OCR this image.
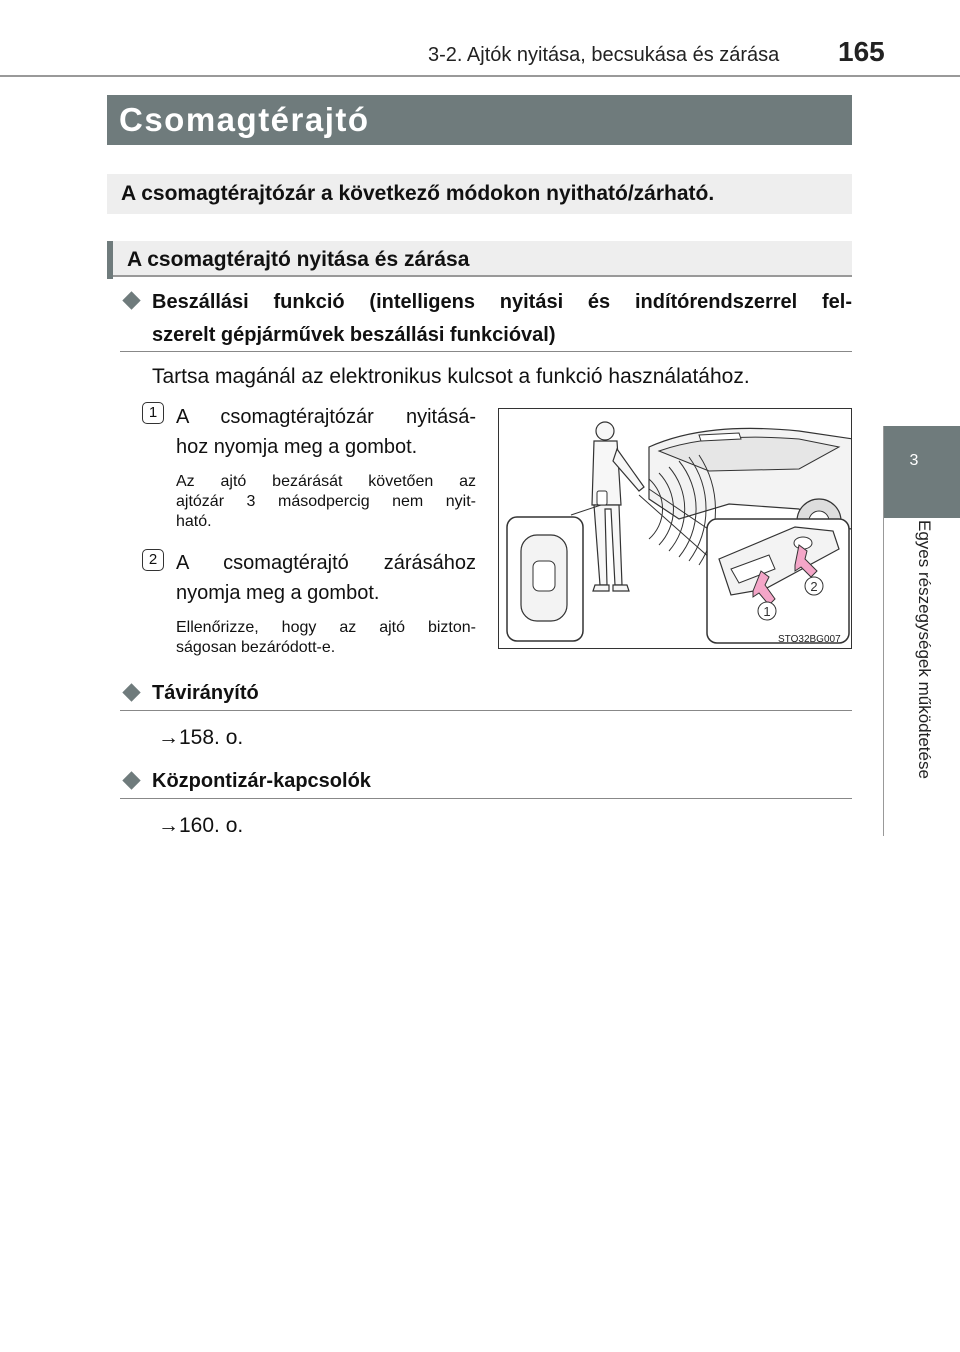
3-2. Ajtók nyitása, becsukása és zárása 165
3
Egyes részegységek működtetése
Csomagtérajtó
A csomagtérajtózár a következő módokon nyitható/zárható.
A csomagtérajtó nyitása és zárása
Beszállási funkció (intelligens nyitási és indítórendszerrel fel-
szerelt gépjárművek beszállási funkcióval)
Tartsa magánál az elektronikus kulcsot a funkció használatához.
1 A csomagtérajtózár nyitásá-
hoz nyomja meg a gombot.
Az ajtó bezárását követően az
ajtózár 3 másodpercig nem nyit-
ható.
2 A csomagtérajtó zárásához
nyomja meg a gombot.
Ellenőrizze, hogy az ajtó bizton-
ságosan bezáródott-e.
1
2
STO32BG007
Távirányító
→158. o.
Központizár-kapcsolók
→160. o.
